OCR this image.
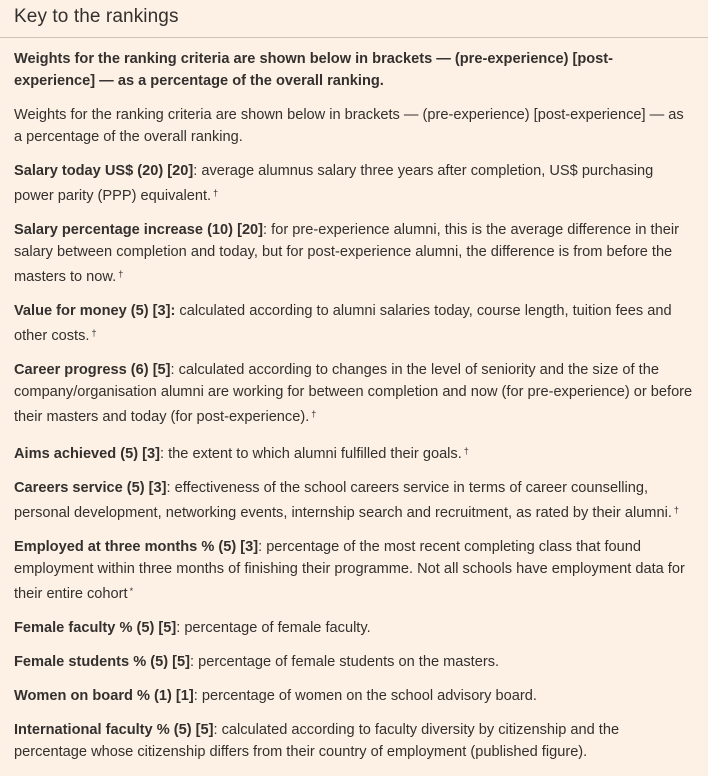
Key to the rankings

Weights for the ranking criteria are shown below in brackets — (pre-experience) [post-experience] — as a percentage of the overall ranking.

Weights for the ranking criteria are shown below in brackets — (pre-experience) [post-experience] — as a percentage of the overall ranking.

Salary today US$ (20) [20]: average alumnus salary three years after completion, US$ purchasing power parity (PPP) equivalent. †

Salary percentage increase (10) [20]: for pre-experience alumni, this is the average difference in their salary between completion and today, but for post-experience alumni, the difference is from before the masters to now. †

Value for money (5) [3]: calculated according to alumni salaries today, course length, tuition fees and other costs. †

Career progress (6) [5]: calculated according to changes in the level of seniority and the size of the company/organisation alumni are working for between completion and now (for pre-experience) or before their masters and today (for post-experience). †

Aims achieved (5) [3]: the extent to which alumni fulfilled their goals. †

Careers service (5) [3]: effectiveness of the school careers service in terms of career counselling, personal development, networking events, internship search and recruitment, as rated by their alumni. †

Employed at three months % (5) [3]: percentage of the most recent completing class that found employment within three months of finishing their programme. Not all schools have employment data for their entire cohort *

Female faculty % (5) [5]: percentage of female faculty.

Female students % (5) [5]: percentage of female students on the masters.

Women on board % (1) [1]: percentage of women on the school advisory board.

International faculty % (5) [5]: calculated according to faculty diversity by citizenship and the percentage whose citizenship differs from their country of employment (published figure).
